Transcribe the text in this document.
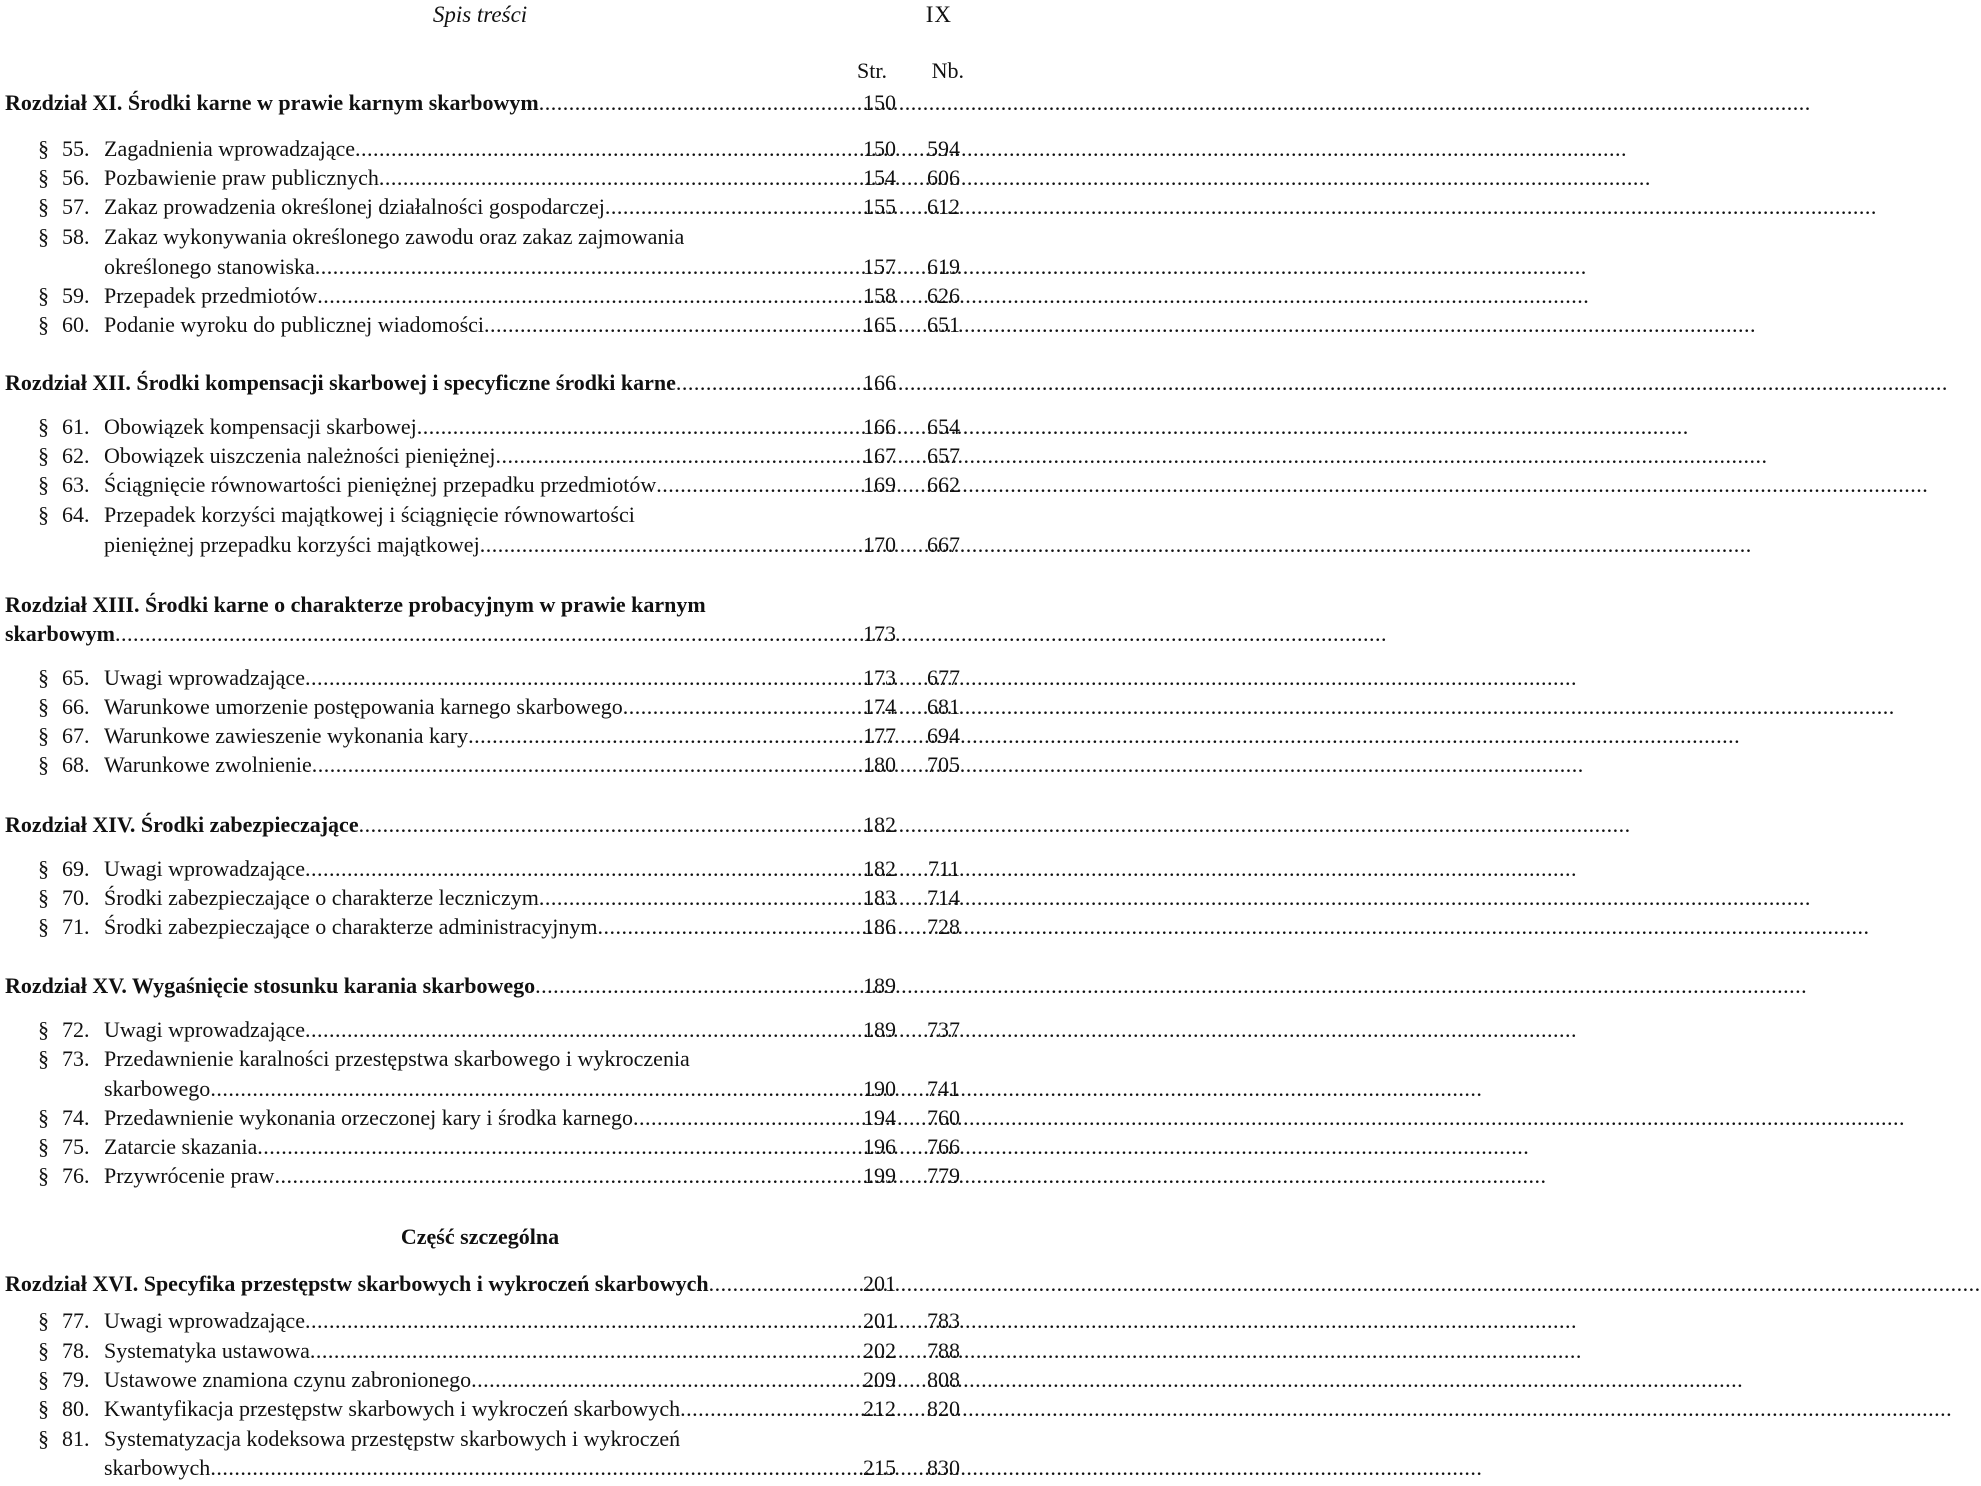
Spis treści	IX
Str.	Nb.
Rozdział XI. Środki karne w prawie karnym skarbowym .....	150
§ 55. Zagadnienia wprowadzające .....	150	594
§ 56. Pozbawienie praw publicznych .....	154	606
§ 57. Zakaz prowadzenia określonej działalności gospodarczej .....	155	612
§ 58. Zakaz wykonywania określonego zawodu oraz zakaz zajmowania
określonego stanowiska .....	157	619
§ 59. Przepadek przedmiotów .....	158	626
§ 60. Podanie wyroku do publicznej wiadomości .....	165	651
Rozdział XII. Środki kompensacji skarbowej i specyficzne środki karne .....	166
§ 61. Obowiązek kompensacji skarbowej .....	166	654
§ 62. Obowiązek uiszczenia należności pieniężnej .....	167	657
§ 63. Ściągnięcie równowartości pieniężnej przepadku przedmiotów .....	169	662
§ 64. Przepadek korzyści majątkowej i ściągnięcie równowartości
pieniężnej przepadku korzyści majątkowej .....	170	667
Rozdział XIII. Środki karne o charakterze probacyjnym w prawie karnym
skarbowym .....	173
§ 65. Uwagi wprowadzające .....	173	677
§ 66. Warunkowe umorzenie postępowania karnego skarbowego .....	174	681
§ 67. Warunkowe zawieszenie wykonania kary .....	177	694
§ 68. Warunkowe zwolnienie .....	180	705
Rozdział XIV. Środki zabezpieczające .....	182
§ 69. Uwagi wprowadzające .....	182	711
§ 70. Środki zabezpieczające o charakterze leczniczym .....	183	714
§ 71. Środki zabezpieczające o charakterze administracyjnym .....	186	728
Rozdział XV. Wygaśnięcie stosunku karania skarbowego .....	189
§ 72. Uwagi wprowadzające .....	189	737
§ 73. Przedawnienie karalności przestępstwa skarbowego i wykroczenia
skarbowego .....	190	741
§ 74. Przedawnienie wykonania orzeczonej kary i środka karnego .....	194	760
§ 75. Zatarcie skazania .....	196	766
§ 76. Przywrócenie praw .....	199	779
Część szczególna
Rozdział XVI. Specyfika przestępstw skarbowych i wykroczeń skarbowych .....	201
§ 77. Uwagi wprowadzające .....	201	783
§ 78. Systematyka ustawowa .....	202	788
§ 79. Ustawowe znamiona czynu zabronionego .....	209	808
§ 80. Kwantyfikacja przestępstw skarbowych i wykroczeń skarbowych .....	212	820
§ 81. Systematyzacja kodeksowa przestępstw skarbowych i wykroczeń
skarbowych .....	215	830
